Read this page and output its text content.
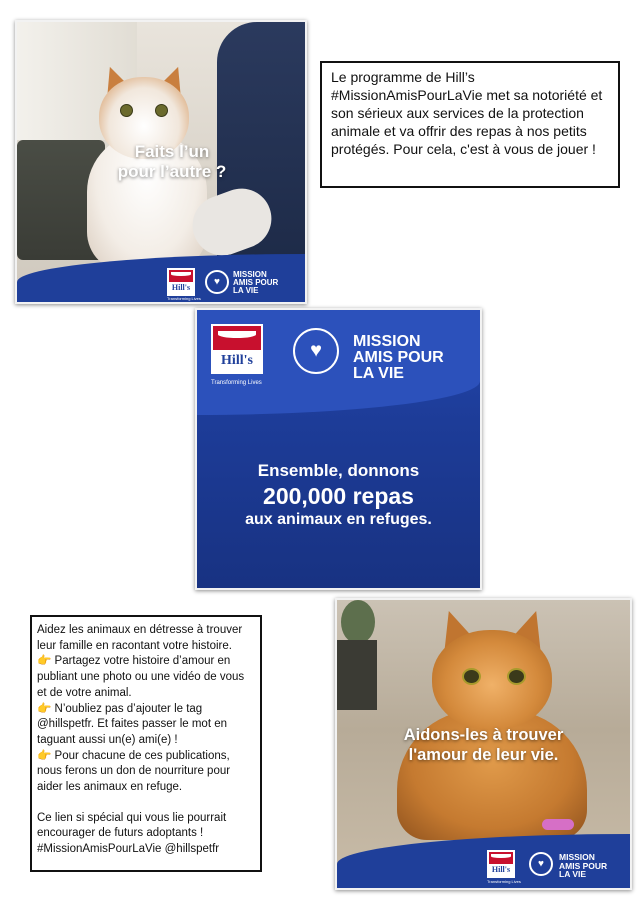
Faits l’un
pour l’autre ?
Hill's
Transforming Lives
♥
MISSION
AMIS POUR
LA VIE

Le programme de Hill’s #MissionAmisPourLaVie met sa notoriété et son sérieux aux services de la protection animale et va offrir des repas à nos petits protégés. Pour cela, c'est à vous de jouer !

Hill's
Transforming Lives
♥ MISSION
AMIS POUR
LA VIE
Ensemble, donnons
200,000 repas
aux animaux en refuges.

Aidez les animaux en détresse à trouver leur famille en racontant votre histoire.

👉 Partagez votre histoire d’amour en publiant une photo ou une vidéo de vous et de votre animal.

👉 N’oubliez pas d’ajouter le tag @hillspetfr. Et faites passer le mot en taguant aussi un(e) ami(e) !

👉 Pour chacune de ces publications, nous ferons un don de nourriture pour aider les animaux en refuge.

Ce lien si spécial qui vous lie pourrait encourager de futurs adoptants ! #MissionAmisPourLaVie @hillspetfr

Aidons-les à trouver
l'amour de leur vie.
Hill's
Transforming Lives
♥
MISSION
AMIS POUR
LA VIE
